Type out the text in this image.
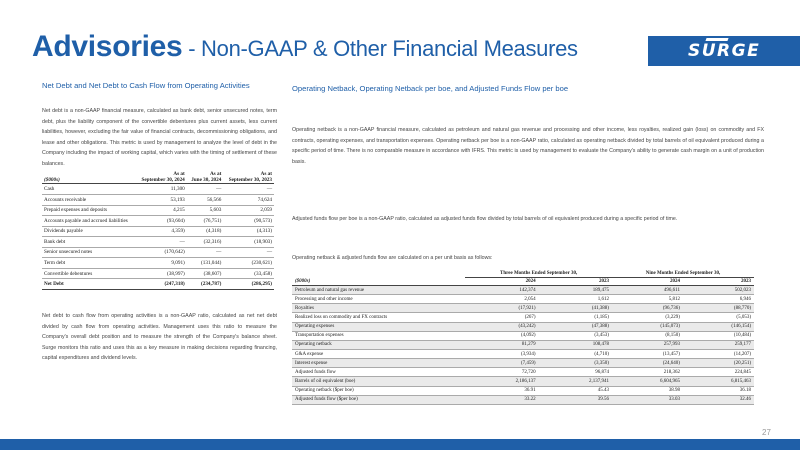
Advisories - Non-GAAP & Other Financial Measures	SURGE
Net Debt and Net Debt to Cash Flow from Operating Activities

Net debt is a non-GAAP financial measure, calculated as bank debt, senior unsecured notes, term debt, plus the liability component of the convertible debentures plus current assets, less current liabilities, however, excluding the fair value of financial contracts, decommissioning obligations, and lease and other obligations. This metric is used by management to analyze the level of debt in the Company including the impact of working capital, which varies with the timing of settlement of these balances.

	As at	As at	As at
($000s)	September 30, 2024	June 30, 2024	September 30, 2023
Cash	11,300	—	—
Accounts receivable	53,193	56,566	74,624
Prepaid expenses and deposits	4,215	5,603	2,059
Accounts payable and accrued liabilities	(93,604)	(76,751)	(90,573)
Dividends payable	4,359)	(4,318)	(4,313)
Bank debt	—	(32,316)	(18,903)
Senior unsecured notes	(170,642)	—	—
Term debt	9,091)	(131,044)	(230,621)
Convertible debentures	(38,997)	(38,607)	(33,458)
Net Debt	(247,318)	(234,787)	(286,295)

Net debt to cash flow from operating activities is a non-GAAP ratio, calculated as net net debt divided by cash flow from operating activities. Management uses this ratio to measure the Company's overall debt position and to measure the strength of the Company's balance sheet. Surge monitors this ratio and uses this as a key measure in making decisions regarding financing, capital expenditures and dividend levels.

Operating Netback, Operating Netback per boe, and Adjusted Funds Flow per boe

Operating netback is a non-GAAP financial measure, calculated as petroleum and natural gas revenue and processing and other income, less royalties, realized gain (loss) on commodity and FX contracts, operating expenses, and transportation expenses. Operating netback per boe is a non-GAAP ratio, calculated as operating netback divided by total barrels of oil equivalent produced during a specific period of time. There is no comparable measure in accordance with IFRS. This metric is used by management to evaluate the Company's ability to generate cash margin on a unit of production basis.

Adjusted funds flow per boe is a non-GAAP ratio, calculated as adjusted funds flow divided by total barrels of oil equivalent produced during a specific period of time.

Operating netback & adjusted funds flow are calculated on a per unit basis as follows:

	Three Months Ended September 30,		Nine Months Ended September 30,	
($000s)	2024	2023	2024	2023
Petroleum and natural gas revenue	142,374	189,475	496,611	502,023
Processing and other income	2,054	1,612	5,812	6,946
Royalties	(17,921)	(41,388)	(96,736)	(88,770)
Realized loss on commodity and FX contracts	(267)	(1,185)	(3,229)	(5,053)
Operating expenses	(43,242)	(47,388)	(145,073)	(146,154)
Transportation expenses	(4,092)	(3,453)	(8,150)	(10,484)
Operating netback	81,279	108,478	257,993	259,177
G&A expense	(3,934)	(4,710)	(13,457)	(14,207)
Interest expense	(7,459)	(3,350)	(24,640)	(20,251)
Adjusted funds flow	72,720	96,874	218,362	224,845
Barrels of oil equivalent (boe)	2,186,137	2,137,941	6,604,965	6,815,463
Operating netback ($per boe)	36.91	45.43	38.98	36.18
Adjusted funds flow ($per boe)	33.22	39.56	33.03	32.46
27
